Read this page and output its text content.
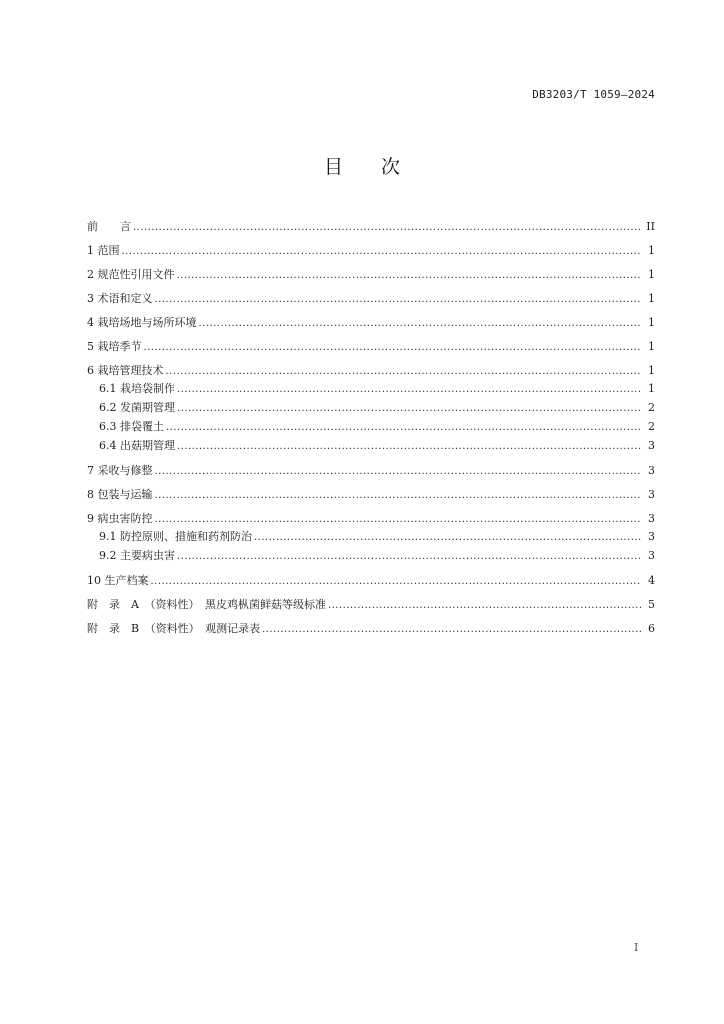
DB3203/T 1059—2024
目 次
前　　言 . . .	II
1 范围 . . .	1
2 规范性引用文件 . . .	1
3 术语和定义 . . .	1
4 栽培场地与场所环境 . . .	1
5 栽培季节 . . .	1
6 栽培管理技术 . . .	1
6.1 栽培袋制作 . . .	1
6.2 发菌期管理 . . .	2
6.3 排袋覆土 . . .	2
6.4 出菇期管理 . . .	3
7 采收与修整 . . .	3
8 包装与运输 . . .	3
9 病虫害防控 . . .	3
9.1 防控原则、措施和药剂防治 . . .	3
9.2 主要病虫害 . . .	3
10 生产档案 . . .	4
附　录　A　（资料性）　黑皮鸡枞菌鲜菇等级标准 . . .	5
附　录　B　（资料性）　观测记录表 . . .	6
I
